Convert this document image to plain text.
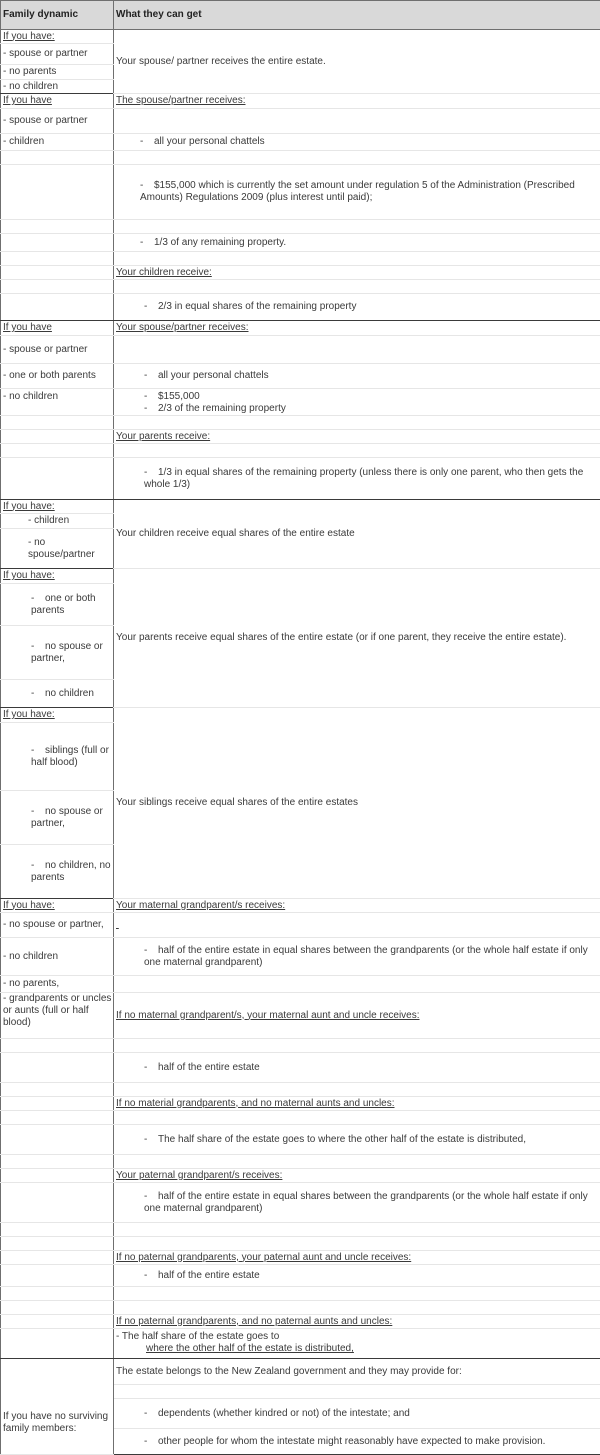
Family dynamic	What they can get
If you have:	Your spouse/ partner receives the entire estate.
- spouse or partner	
- no parents	
- no children	
If you have	The spouse/partner receives:
- spouse or partner	
- children	- all your personal chattels

	- $155,000 which is currently the set amount under regulation 5 of the Administration (Prescribed Amounts) Regulations 2009 (plus interest until paid);

	- 1/3 of any remaining property.

	Your children receive:

	- 2/3 in equal shares of the remaining property
If you have	Your spouse/partner receives:
- spouse or partner	
- one or both parents	- all your personal chattels
- no children	- $155,000
- 2/3 of the remaining property

	Your parents receive:

	- 1/3 in equal shares of the remaining property (unless there is only one parent, who then gets the whole 1/3)
If you have:	Your children receive equal shares of the entire estate
- children	
- no spouse/partner	
If you have:	Your parents receive equal shares of the entire estate (or if one parent, they receive the entire estate).
- one or both parents	
- no spouse or partner,	
- no children	
If you have:	Your siblings receive equal shares of the entire estates
- siblings (full or half blood)	
- no spouse or partner,	
- no children, no parents	
If you have:	Your maternal grandparent/s receives:
- no spouse or partner,	
- no children	- half of the entire estate in equal shares between the grandparents (or the whole half estate if only one maternal grandparent)
- no parents,	
- grandparents or uncles or aunts (full or half blood)	If no maternal grandparent/s, your maternal aunt and uncle receives:

	- half of the entire estate

	If no material grandparents, and no maternal aunts and uncles:

	- The half share of the estate goes to where the other half of the estate is distributed,

	Your paternal grandparent/s receives:
	- half of the entire estate in equal shares between the grandparents (or the whole half estate if only one maternal grandparent)

	If no paternal grandparents, your paternal aunt and uncle receives:
	- half of the entire estate

	If no paternal grandparents, and no paternal aunts and uncles:
	- The half share of the estate goes to
where the other half of the estate is distributed,
If you have no surviving family members:	The estate belongs to the New Zealand government and they may provide for:

	- dependents (whether kindred or not) of the intestate; and
	- other people for whom the intestate might reasonably have expected to make provision.
